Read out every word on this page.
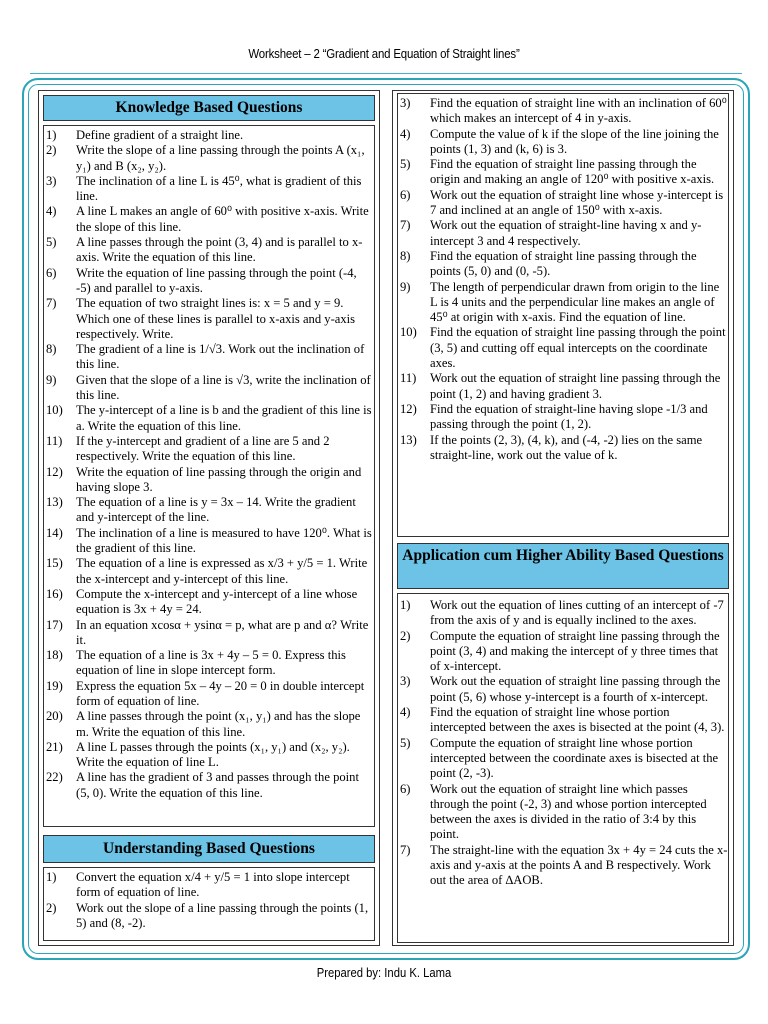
Worksheet – 2 “Gradient and Equation of Straight lines”
Knowledge Based Questions
1)	Define gradient of a straight line.
2)	Write the slope of a line passing through the points A (x₁, y₁) and B (x₂, y₂).
3)	The inclination of a line L is 45⁰, what is gradient of this line.
4)	A line L makes an angle of 60⁰ with positive x-axis. Write the slope of this line.
5)	A line passes through the point (3, 4) and is parallel to x-axis. Write the equation of this line.
6)	Write the equation of line passing through the point (-4, -5) and parallel to y-axis.
7)	The equation of two straight lines is: x = 5 and y = 9. Which one of these lines is parallel to x-axis and y-axis respectively. Write.
8)	The gradient of a line is 1/√3. Work out the inclination of this line.
9)	Given that the slope of a line is √3, write the inclination of this line.
10)	The y-intercept of a line is b and the gradient of this line is a. Write the equation of this line.
11)	If the y-intercept and gradient of a line are 5 and 2 respectively. Write the equation of this line.
12)	Write the equation of line passing through the origin and having slope 3.
13)	The equation of a line is y = 3x – 14. Write the gradient and y-intercept of the line.
14)	The inclination of a line is measured to have 120⁰. What is the gradient of this line.
15)	The equation of a line is expressed as x/3 + y/5 = 1. Write the x-intercept and y-intercept of this line.
16)	Compute the x-intercept and y-intercept of a line whose equation is 3x + 4y = 24.
17)	In an equation xcosα + ysinα = p, what are p and α? Write it.
18)	The equation of a line is 3x + 4y – 5 = 0. Express this equation of line in slope intercept form.
19)	Express the equation 5x – 4y – 20 = 0 in double intercept form of equation of line.
20)	A line passes through the point (x₁, y₁) and has the slope m. Write the equation of this line.
21)	A line L passes through the points (x₁, y₁) and (x₂, y₂). Write the equation of line L.
22)	A line has the gradient of 3 and passes through the point (5, 0). Write the equation of this line.
Understanding Based Questions
1)	Convert the equation x/4 + y/5 = 1 into slope intercept form of equation of line.
2)	Work out the slope of a line passing through the points (1, 5) and (8, -2).
3)	Find the equation of straight line with an inclination of 60⁰ which makes an intercept of 4 in y-axis.
4)	Compute the value of k if the slope of the line joining the points (1, 3) and (k, 6) is 3.
5)	Find the equation of straight line passing through the origin and making an angle of 120⁰ with positive x-axis.
6)	Work out the equation of straight line whose y-intercept is 7 and inclined at an angle of 150⁰ with x-axis.
7)	Work out the equation of straight-line having x and y-intercept 3 and 4 respectively.
8)	Find the equation of straight line passing through the points (5, 0) and (0, -5).
9)	The length of perpendicular drawn from origin to the line L is 4 units and the perpendicular line makes an angle of 45⁰ at origin with x-axis. Find the equation of line.
10)	Find the equation of straight line passing through the point (3, 5) and cutting off equal intercepts on the coordinate axes.
11)	Work out the equation of straight line passing through the point (1, 2) and having gradient 3.
12)	Find the equation of straight-line having slope -1/3 and passing through the point (1, 2).
13)	If the points (2, 3), (4, k), and (-4, -2) lies on the same straight-line, work out the value of k.
Application cum Higher Ability Based Questions
1)	Work out the equation of lines cutting of an intercept of -7 from the axis of y and is equally inclined to the axes.
2)	Compute the equation of straight line passing through the point (3, 4) and making the intercept of y three times that of x-intercept.
3)	Work out the equation of straight line passing through the point (5, 6) whose y-intercept is a fourth of x-intercept.
4)	Find the equation of straight line whose portion intercepted between the axes is bisected at the point (4, 3).
5)	Compute the equation of straight line whose portion intercepted between the coordinate axes is bisected at the point (2, -3).
6)	Work out the equation of straight line which passes through the point (-2, 3) and whose portion intercepted between the axes is divided in the ratio of 3:4 by this point.
7)	The straight-line with the equation 3x + 4y = 24 cuts the x-axis and y-axis at the points A and B respectively. Work out the area of ∆AOB.
Prepared by: Indu K. Lama
